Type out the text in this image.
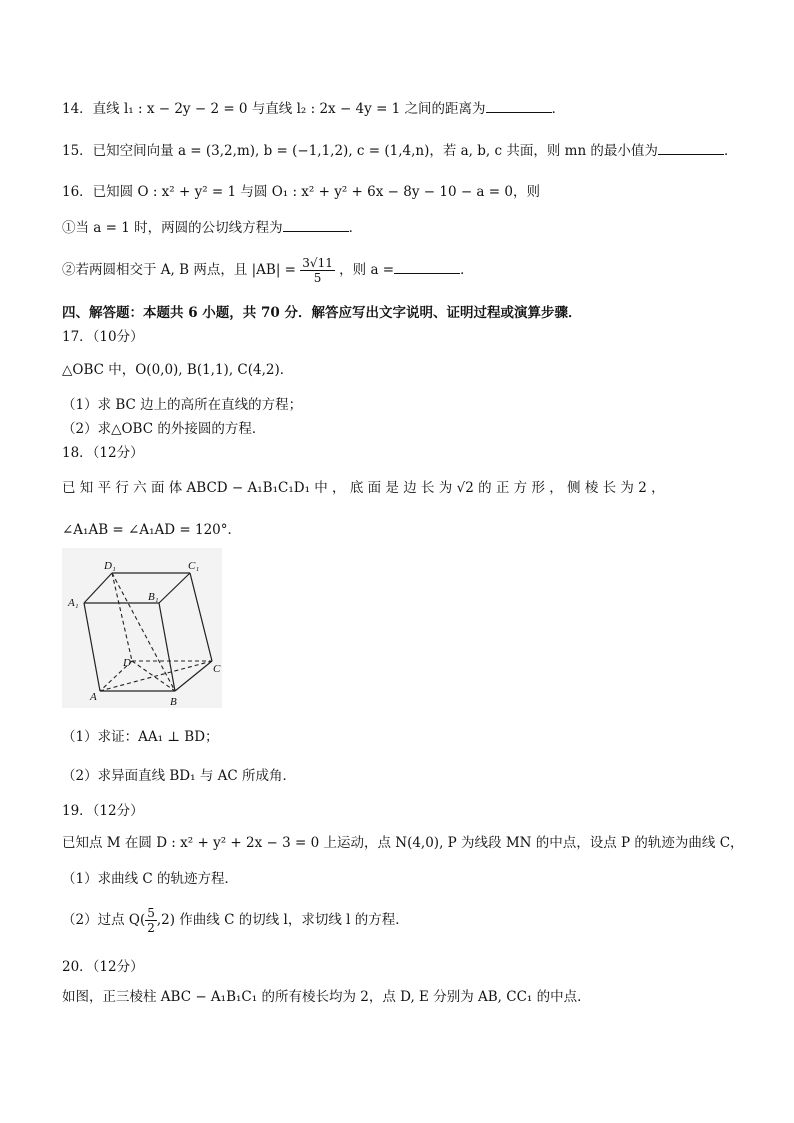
14．直线 l₁ : x − 2y − 2 = 0 与直线 l₂ : 2x − 4y = 1 之间的距离为	．
15．已知空间向量 a = (3,2,m), b = (−1,1,2), c = (1,4,n)，若 a, b, c 共面，则 mn 的最小值为	．
16．已知圆 O : x² + y² = 1 与圆 O₁ : x² + y² + 6x − 8y − 10 − a = 0，则
①当 a = 1 时，两圆的公切线方程为	．
②若两圆相交于 A, B 两点，且 $|AB| = \frac{3√11}{5}$ ，则 a =	．
四、解答题：本题共 6 小题，共 70 分．解答应写出文字说明、证明过程或演算步骤．
17．（10分）
△OBC 中，O(0,0), B(1,1), C(4,2)．
（1）求 BC 边上的高所在直线的方程；
（2）求△OBC 的外接圆的方程．
18．（12分）
已 知 平 行 六 面 体 ABCD − A₁B₁C₁D₁ 中 ， 底 面 是 边 长 为 √2 的 正 方 形 ， 侧 棱 长 为 2 ，
∠A₁AB = ∠A₁AD = 120°．
D₁	C₁
A₁	B₁
D	C
A	B
（1）求证：AA₁ ⊥ BD；
（2）求异面直线 BD₁ 与 AC 所成角．
19．（12分）
已知点 M 在圆 D : x² + y² + 2x − 3 = 0 上运动，点 N(4,0), P 为线段 MN 的中点，设点 P 的轨迹为曲线 C，
（1）求曲线 C 的轨迹方程．
（2）过点 $Q( \frac{5}{2} ,2)$ 作曲线 C 的切线 l，求切线 l 的方程．
20．（12分）
如图，正三棱柱 ABC − A₁B₁C₁ 的所有棱长均为 2，点 D, E 分别为 AB, CC₁ 的中点．
